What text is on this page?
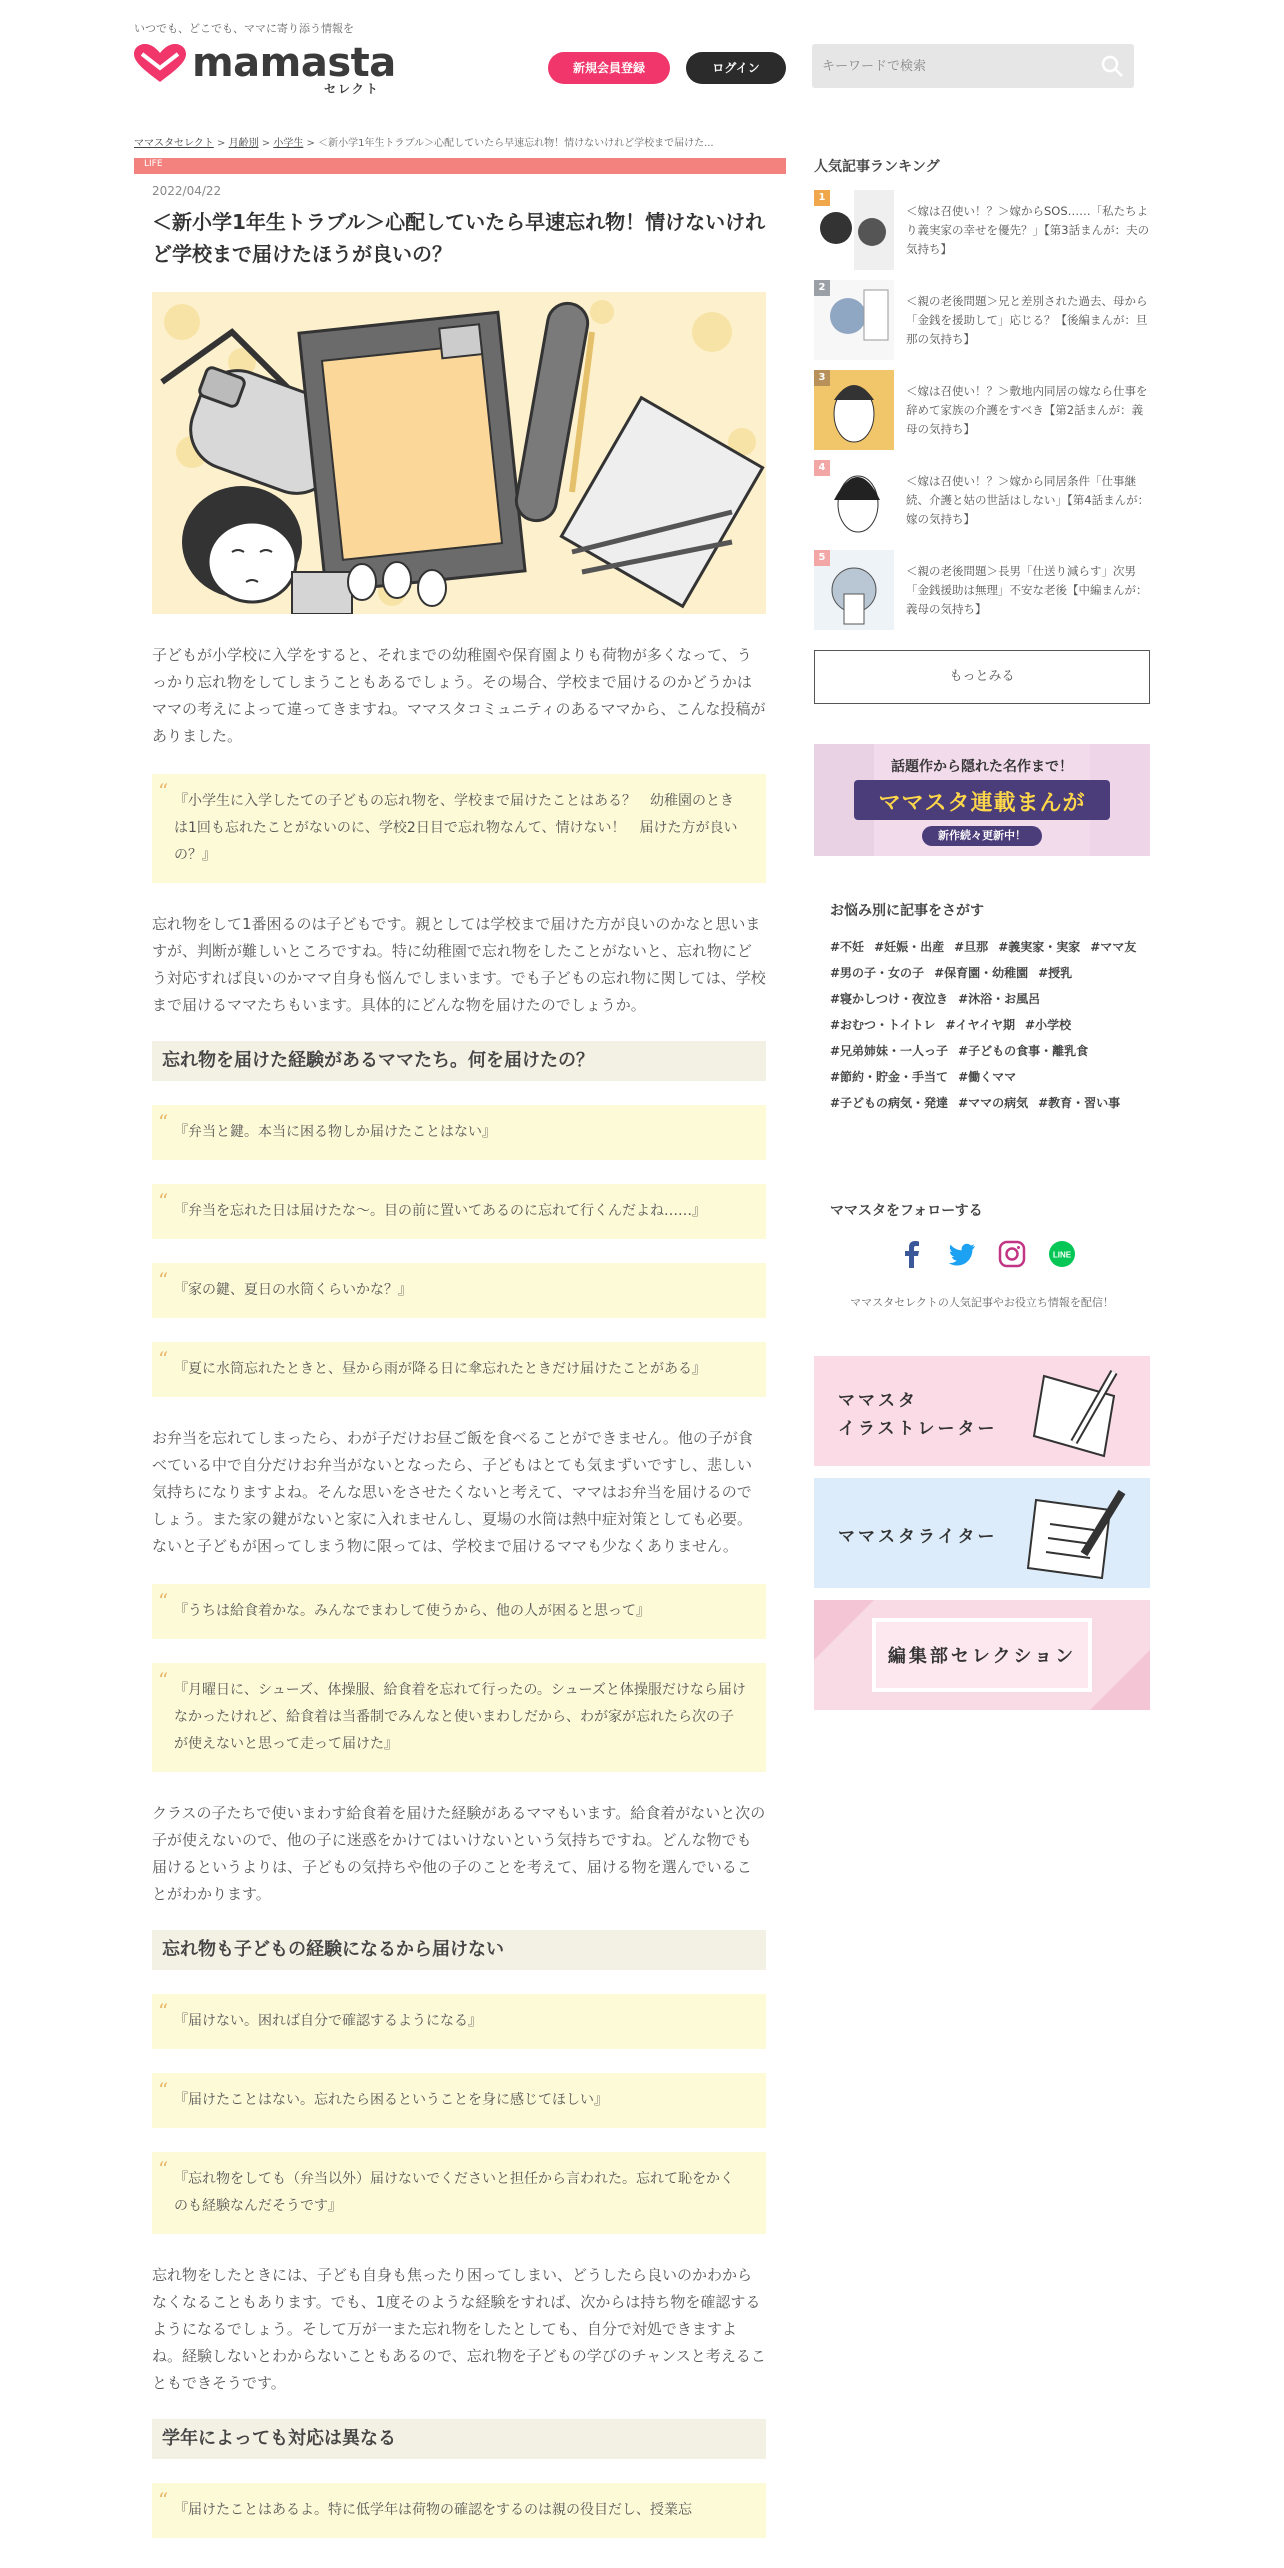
いつでも、どこでも、ママに寄り添う情報を
mamasta
セレクト
新規会員登録	ログイン
キーワードで検索
ママスタセレクト > 月齢別 > 小学生 > ＜新小学1年生トラブル＞心配していたら早速忘れ物！情けないけれど学校まで届けた...
LIFE
2022/04/22
＜新小学1年生トラブル＞心配していたら早速忘れ物！情けないけれど学校まで届けたほうが良いの？

子どもが小学校に入学をすると、それまでの幼稚園や保育園よりも荷物が多くなって、うっかり忘れ物をしてしまうこともあるでしょう。その場合、学校まで届けるのかどうかはママの考えによって違ってきますね。ママスタコミュニティのあるママから、こんな投稿がありました。

“ 『小学生に入学したての子どもの忘れ物を、学校まで届けたことはある？　幼稚園のときは1回も忘れたことがないのに、学校2日目で忘れ物なんて、情けない！　届けた方が良いの？』

忘れ物をして1番困るのは子どもです。親としては学校まで届けた方が良いのかなと思いますが、判断が難しいところですね。特に幼稚園で忘れ物をしたことがないと、忘れ物にどう対応すれば良いのかママ自身も悩んでしまいます。でも子どもの忘れ物に関しては、学校まで届けるママたちもいます。具体的にどんな物を届けたのでしょうか。

忘れ物を届けた経験があるママたち。何を届けたの？
“ 『弁当と鍵。本当に困る物しか届けたことはない』
“ 『弁当を忘れた日は届けたな～。目の前に置いてあるのに忘れて行くんだよね……』
“ 『家の鍵、夏日の水筒くらいかな？』
“ 『夏に水筒忘れたときと、昼から雨が降る日に傘忘れたときだけ届けたことがある』

お弁当を忘れてしまったら、わが子だけお昼ご飯を食べることができません。他の子が食べている中で自分だけお弁当がないとなったら、子どもはとても気まずいですし、悲しい気持ちになりますよね。そんな思いをさせたくないと考えて、ママはお弁当を届けるのでしょう。また家の鍵がないと家に入れませんし、夏場の水筒は熱中症対策としても必要。ないと子どもが困ってしまう物に限っては、学校まで届けるママも少なくありません。

“ 『うちは給食着かな。みんなでまわして使うから、他の人が困ると思って』
“ 『月曜日に、シューズ、体操服、給食着を忘れて行ったの。シューズと体操服だけなら届けなかったけれど、給食着は当番制でみんなと使いまわしだから、わが家が忘れたら次の子が使えないと思って走って届けた』

クラスの子たちで使いまわす給食着を届けた経験があるママもいます。給食着がないと次の子が使えないので、他の子に迷惑をかけてはいけないという気持ちですね。どんな物でも届けるというよりは、子どもの気持ちや他の子のことを考えて、届ける物を選んでいることがわかります。

忘れ物も子どもの経験になるから届けない
“ 『届けない。困れば自分で確認するようになる』
“ 『届けたことはない。忘れたら困るということを身に感じてほしい』
“ 『忘れ物をしても（弁当以外）届けないでくださいと担任から言われた。忘れて恥をかくのも経験なんだそうです』

忘れ物をしたときには、子ども自身も焦ったり困ってしまい、どうしたら良いのかわからなくなることもあります。でも、1度そのような経験をすれば、次からは持ち物を確認するようになるでしょう。そして万が一また忘れ物をしたとしても、自分で対処できますよね。経験しないとわからないこともあるので、忘れ物を子どもの学びのチャンスと考えることもできそうです。

学年によっても対応は異なる
“ 『届けたことはあるよ。特に低学年は荷物の確認をするのは親の役目だし、授業忘
人気記事ランキング
1
＜嫁は召使い！？＞嫁からSOS……「私たちより義実家の幸せを優先？」【第3話まんが：夫の気持ち】
2
＜親の老後問題＞兄と差別された過去、母から「金銭を援助して」応じる？【後編まんが：旦那の気持ち】
3
＜嫁は召使い！？＞敷地内同居の嫁なら仕事を辞めて家族の介護をすべき【第2話まんが：義母の気持ち】
4
＜嫁は召使い！？＞嫁から同居条件「仕事継続、介護と姑の世話はしない」【第4話まんが：嫁の気持ち】
5
＜親の老後問題＞長男「仕送り減らす」次男「金銭援助は無理」不安な老後【中編まんが：義母の気持ち】
もっとみる
話題作から隠れた名作まで！
ママスタ連載まんが
新作続々更新中！
お悩み別に記事をさがす
#不妊 #妊娠・出産 #旦那 #義実家・実家 #ママ友#男の子・女の子 #保育園・幼稚園 #授乳#寝かしつけ・夜泣き #沐浴・お風呂#おむつ・トイトレ #イヤイヤ期 #小学校#兄弟姉妹・一人っ子 #子どもの食事・離乳食#節約・貯金・手当て #働くママ#子どもの病気・発達 #ママの病気 #教育・習い事
ママスタをフォローする
LINE
ママスタセレクトの人気記事やお役立ち情報を配信！
ママスタ
イラストレーター
ママスタライター
編集部セレクション
